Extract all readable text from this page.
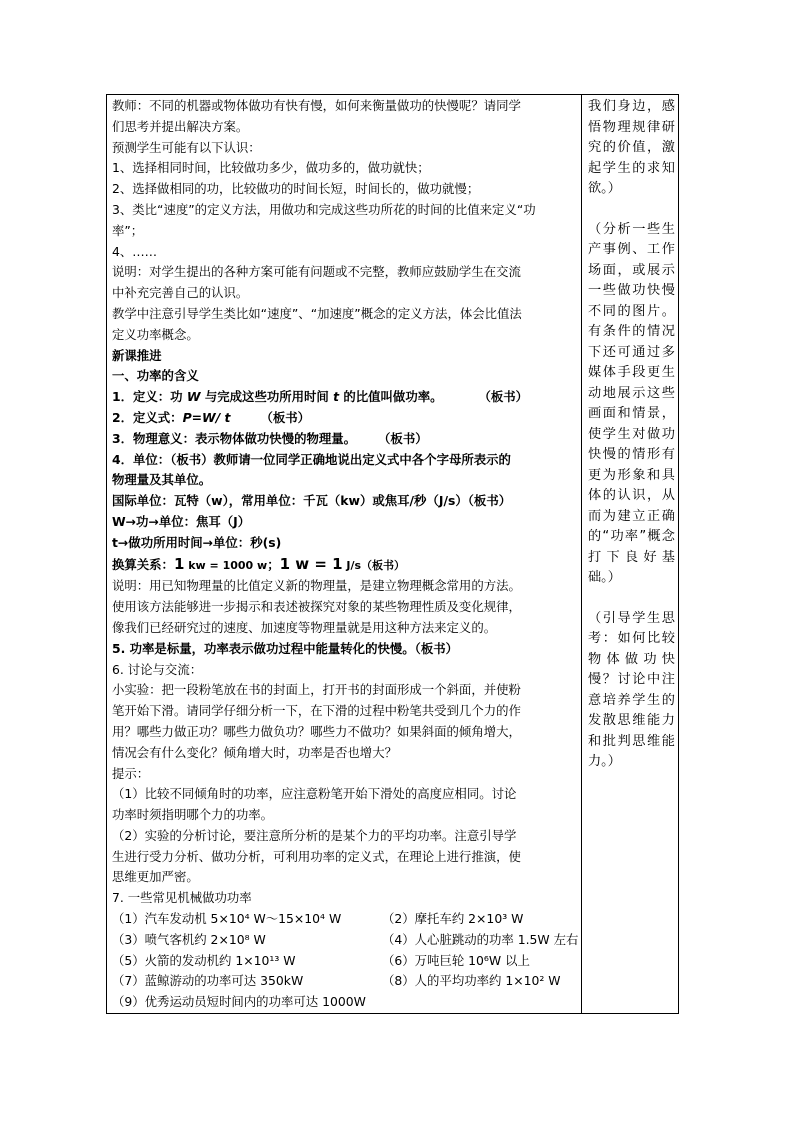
教师：不同的机器或物体做功有快有慢，如何来衡量做功的快慢呢？请同学

们思考并提出解决方案。

预测学生可能有以下认识：

1、选择相同时间，比较做功多少，做功多的，做功就快；

2、选择做相同的功，比较做功的时间长短，时间长的，做功就慢；

3、类比“速度”的定义方法，用做功和完成这些功所花的时间的比值来定义“功

率”；

4、……

说明：对学生提出的各种方案可能有问题或不完整，教师应鼓励学生在交流

中补充完善自己的认识。

教学中注意引导学生类比如“速度”、“加速度”概念的定义方法，体会比值法

定义功率概念。

新课推进

一、功率的含义

1．定义：功 W 与完成这些功所用时间 t 的比值叫做功率。	（板书）

2．定义式：P=W/ t （板书）

3．物理意义：表示物体做功快慢的物理量。 （板书）

4．单位：（板书）教师请一位同学正确地说出定义式中各个字母所表示的

物理量及其单位。

国际单位：瓦特（w），常用单位：千瓦（kw）或焦耳/秒（J/s）（板书）

W→功→单位：焦耳（J）

t→做功所用时间→单位：秒(s)

换算关系：1 kw = 1000 w；1 w = 1 J/s（板书）

说明：用已知物理量的比值定义新的物理量，是建立物理概念常用的方法。

使用该方法能够进一步揭示和表述被探究对象的某些物理性质及变化规律，

像我们已经研究过的速度、加速度等物理量就是用这种方法来定义的。

5. 功率是标量，功率表示做功过程中能量转化的快慢。（板书）

6. 讨论与交流：

小实验：把一段粉笔放在书的封面上，打开书的封面形成一个斜面，并使粉

笔开始下滑。请同学仔细分析一下，在下滑的过程中粉笔共受到几个力的作

用？哪些力做正功？哪些力做负功？哪些力不做功？如果斜面的倾角增大，

情况会有什么变化？倾角增大时，功率是否也增大？

提示：

（1）比较不同倾角时的功率，应注意粉笔开始下滑处的高度应相同。讨论

功率时须指明哪个力的功率。

（2）实验的分析讨论，要注意所分析的是某个力的平均功率。注意引导学

生进行受力分析、做功分析，可利用功率的定义式，在理论上进行推演，使

思维更加严密。

7. 一些常见机械做功功率

（1）汽车发动机 5×10⁴ W～15×10⁴ W	（2）摩托车约 2×10³ W
（3）喷气客机约 2×10⁸ W	（4）人心脏跳动的功率 1.5W 左右
（5）火箭的发动机约 1×10¹³ W	（6）万吨巨轮 10⁶W 以上
（7）蓝鲸游动的功率可达 350kW	（8）人的平均功率约 1×10² W

（9）优秀运动员短时间内的功率可达 1000W

我们身边，感悟物理规律研究的价值，激起学生的求知欲。）

（分析一些生产事例、工作场面，或展示一些做功快慢不同的图片。有条件的情况下还可通过多媒体手段更生动地展示这些画面和情景，使学生对做功快慢的情形有更为形象和具体的认识，从而为建立正确的“功率”概念打下良好基础。）

（引导学生思考：如何比较物体做功快慢？讨论中注意培养学生的发散思维能力和批判思维能力。）
